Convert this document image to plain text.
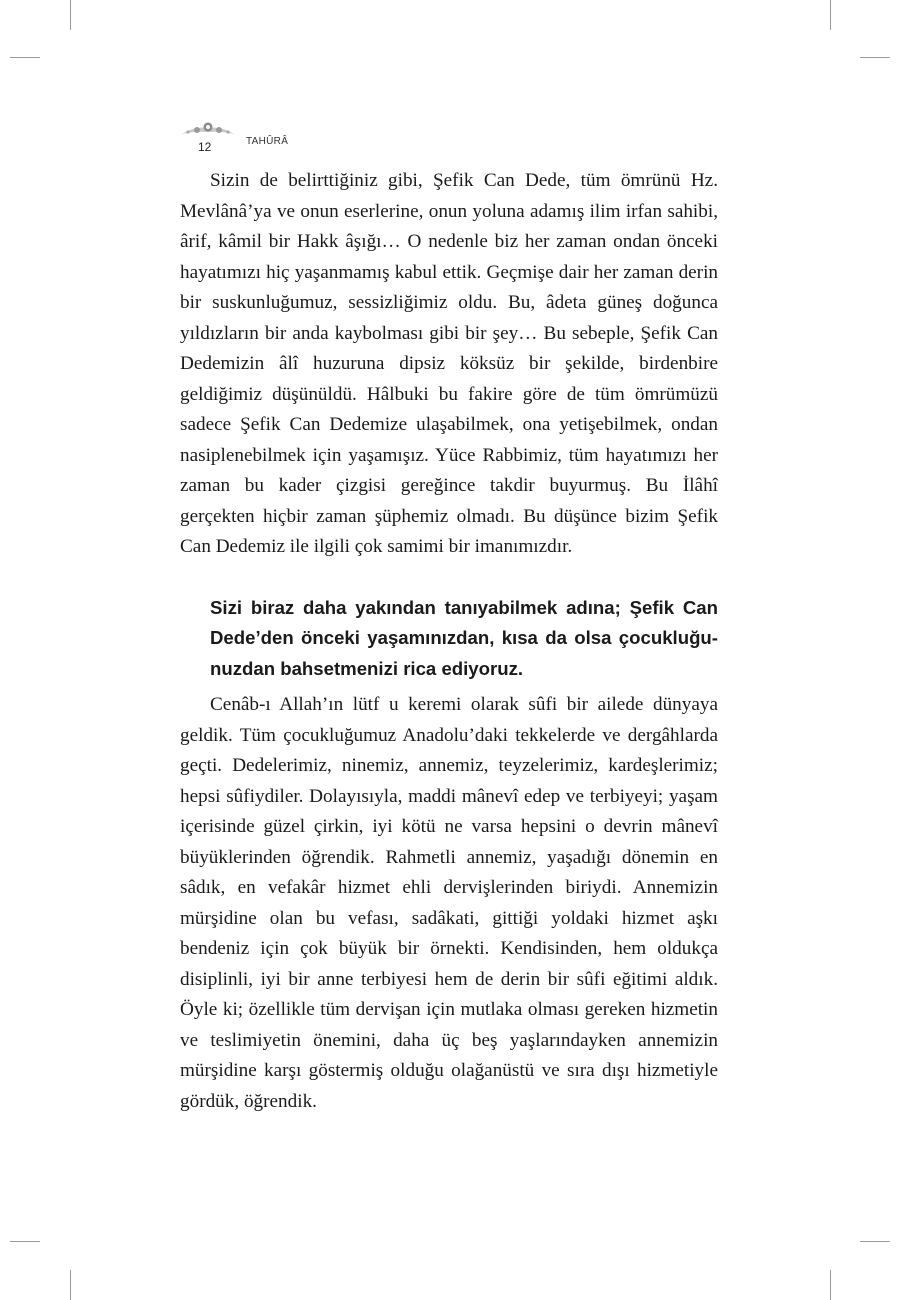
12	TAHÛRÂ

Sizin de belirttiğiniz gibi, Şefik Can Dede, tüm ömrünü Hz. Mevlânâ’ya ve onun eserlerine, onun yoluna adamış ilim irfan sahibi, ârif, kâmil bir Hakk âşığı… O nedenle biz her zaman ondan önceki hayatımızı hiç yaşanmamış kabul ettik. Geçmişe dair her zaman derin bir suskunluğumuz, sessizliğimiz oldu. Bu, âdeta güneş doğunca yıldızların bir anda kaybolması gibi bir şey… Bu sebeple, Şefik Can Dedemizin âlî huzuruna dipsiz köksüz bir şekilde, birdenbire geldiğimiz düşünüldü. Hâlbuki bu fakire göre de tüm ömrümüzü sadece Şefik Can Dedemize ulaşabilmek, ona yetişebilmek, ondan nasiplenebilmek için yaşamışız. Yüce Rabbimiz, tüm hayatımızı her zaman bu kader çizgisi gereğince takdir buyurmuş. Bu İlâhî gerçekten hiçbir zaman şüphemiz olmadı. Bu düşünce bizim Şefik Can Dedemiz ile ilgili çok samimi bir imanımızdır.

Sizi biraz daha yakından tanıyabilmek adına; Şefik Can Dede’den önceki yaşamınızdan, kısa da olsa çocukluğunuzdan bahsetmenizi rica ediyoruz.

Cenâb-ı Allah’ın lütf u keremi olarak sûfi bir ailede dünyaya geldik. Tüm çocukluğumuz Anadolu’daki tekkelerde ve dergâhlarda geçti. Dedelerimiz, ninemiz, annemiz, teyzelerimiz, kardeşlerimiz; hepsi sûfiydiler. Dolayısıyla, maddi mânevî edep ve terbiyeyi; yaşam içerisinde güzel çirkin, iyi kötü ne varsa hepsini o devrin mânevî büyüklerinden öğrendik. Rahmetli annemiz, yaşadığı dönemin en sâdık, en vefakâr hizmet ehli dervişlerinden biriydi. Annemizin mürşidine olan bu vefası, sadâkati, gittiği yoldaki hizmet aşkı bendeniz için çok büyük bir örnekti. Kendisinden, hem oldukça disiplinli, iyi bir anne terbiyesi hem de derin bir sûfi eğitimi aldık. Öyle ki; özellikle tüm dervişan için mutlaka olması gereken hizmetin ve teslimiyetin önemini, daha üç beş yaşlarındayken annemizin mürşidine karşı göstermiş olduğu olağanüstü ve sıra dışı hizmetiyle gördük, öğrendik.
